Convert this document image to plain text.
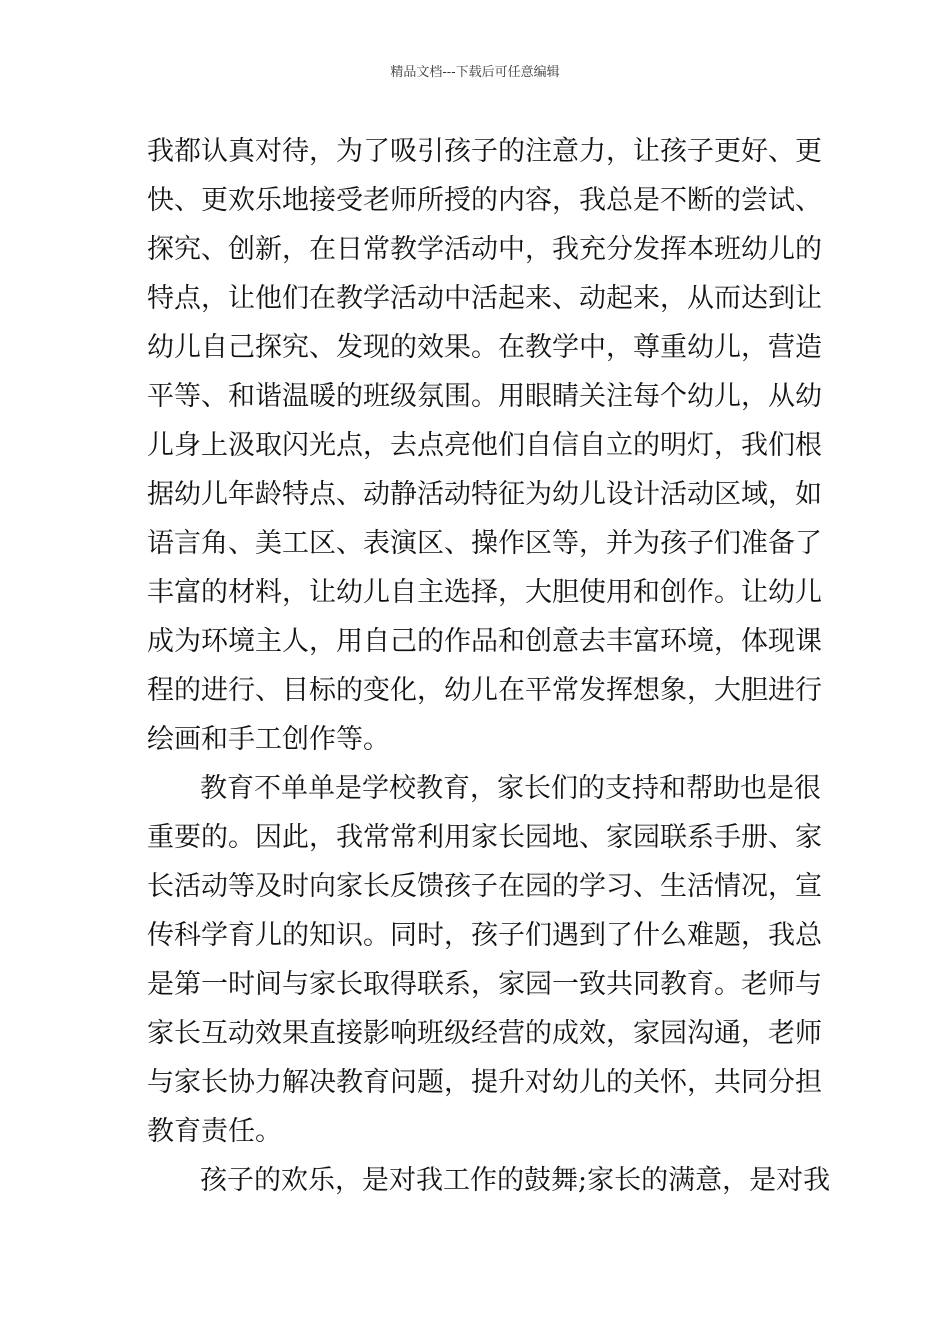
精品文档---下载后可任意编辑
我都认真对待，为了吸引孩子的注意力，让孩子更好、更
快、更欢乐地接受老师所授的内容，我总是不断的尝试、
探究、创新，在日常教学活动中，我充分发挥本班幼儿的
特点，让他们在教学活动中活起来、动起来，从而达到让
幼儿自己探究、发现的效果。在教学中，尊重幼儿，营造
平等、和谐温暖的班级氛围。用眼睛关注每个幼儿，从幼
儿身上汲取闪光点，去点亮他们自信自立的明灯，我们根
据幼儿年龄特点、动静活动特征为幼儿设计活动区域，如
语言角、美工区、表演区、操作区等，并为孩子们准备了
丰富的材料，让幼儿自主选择，大胆使用和创作。让幼儿
成为环境主人，用自己的作品和创意去丰富环境，体现课
程的进行、目标的变化，幼儿在平常发挥想象，大胆进行
绘画和手工创作等。
教育不单单是学校教育，家长们的支持和帮助也是很
重要的。因此，我常常利用家长园地、家园联系手册、家
长活动等及时向家长反馈孩子在园的学习、生活情况，宣
传科学育儿的知识。同时，孩子们遇到了什么难题，我总
是第一时间与家长取得联系，家园一致共同教育。老师与
家长互动效果直接影响班级经营的成效，家园沟通，老师
与家长协力解决教育问题，提升对幼儿的关怀，共同分担
教育责任。
孩子的欢乐，是对我工作的鼓舞;家长的满意，是对我
